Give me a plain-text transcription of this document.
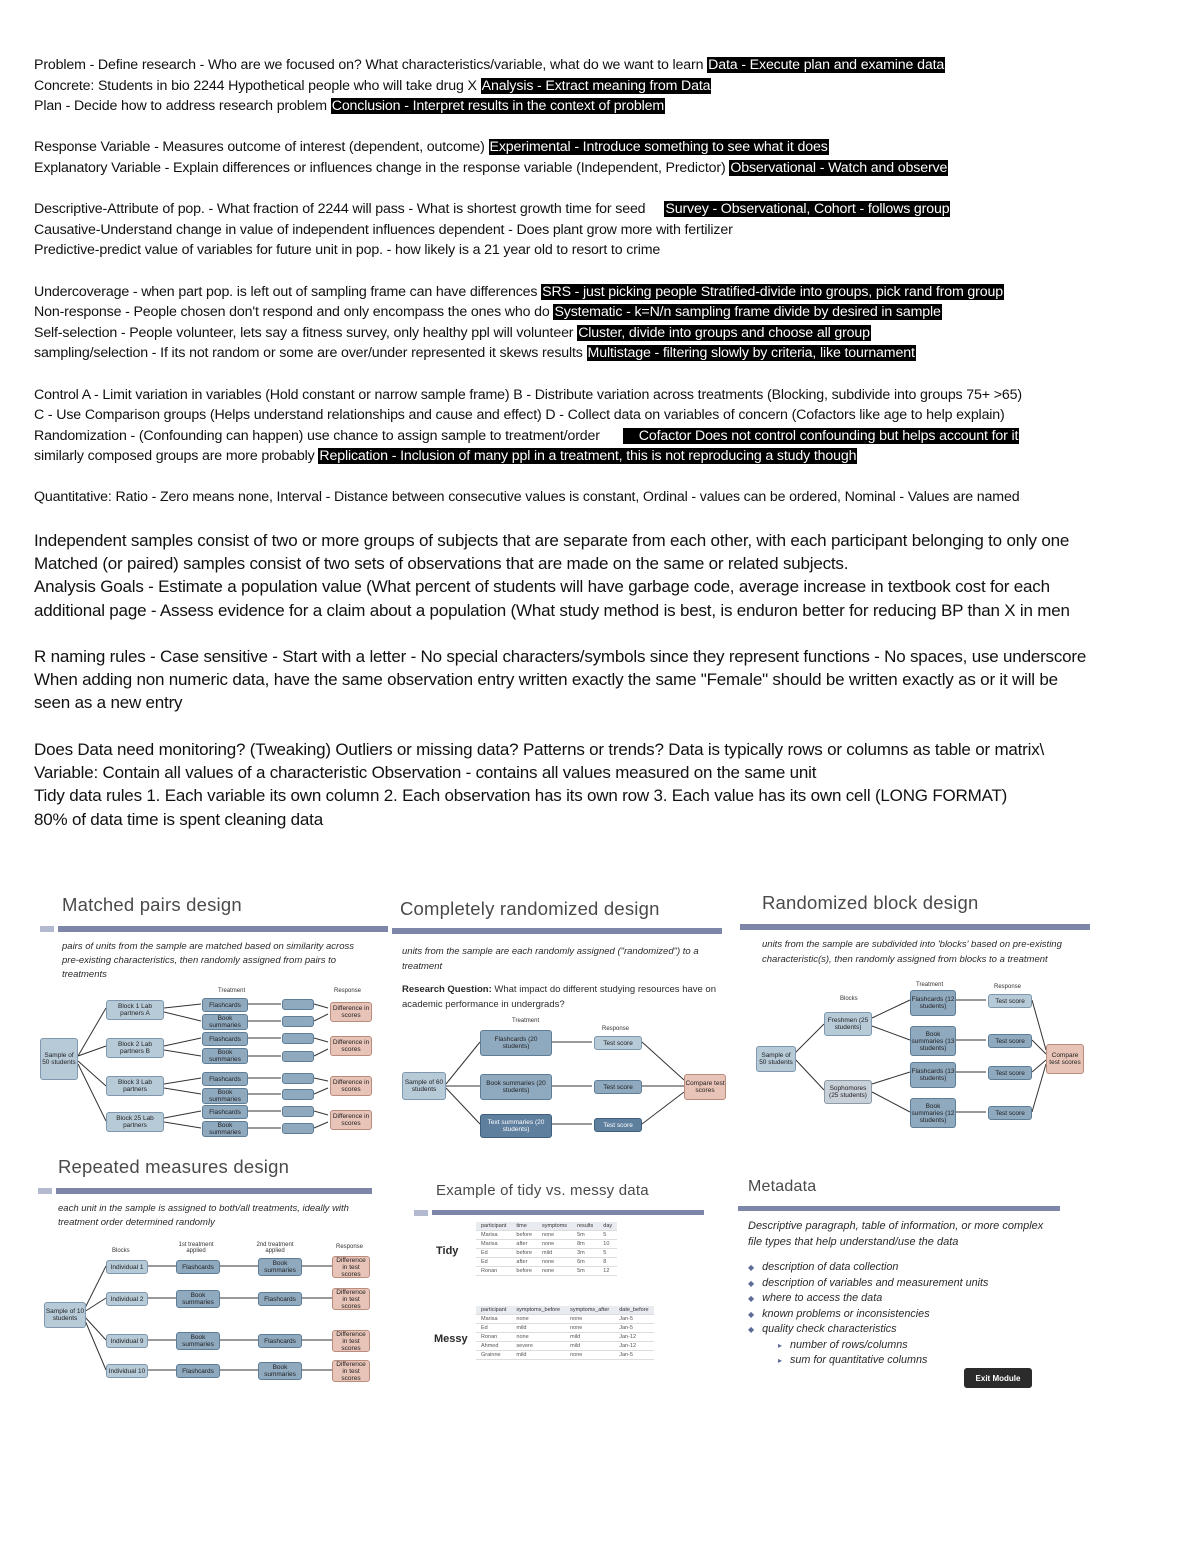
Problem - Define research - Who are we focused on? What characteristics/variable, what do we want to learn Data - Execute plan and examine data
Concrete: Students in bio 2244 Hypothetical people who will take drug X Analysis - Extract meaning from Data
Plan - Decide how to address research problem Conclusion - Interpret results in the context of problem
Response Variable - Measures outcome of interest (dependent, outcome) Experimental - Introduce something to see what it does
Explanatory Variable - Explain differences or influences change in the response variable (Independent, Predictor) Observational - Watch and observe
Descriptive-Attribute of pop. - What fraction of 2244 will pass - What is shortest growth time for seed Survey - Observational, Cohort - follows group
Causative-Understand change in value of independent influences dependent - Does plant grow more with fertilizer
Predictive-predict value of variables for future unit in pop. - how likely is a 21 year old to resort to crime
Undercoverage - when part pop. is left out of sampling frame can have differences SRS - just picking people Stratified-divide into groups, pick rand from group
Non-response - People chosen don't respond and only encompass the ones who do Systematic - k=N/n sampling frame divide by desired in sample
Self-selection - People volunteer, lets say a fitness survey, only healthy ppl will volunteer Cluster, divide into groups and choose all group
sampling/selection - If its not random or some are over/under represented it skews results Multistage - filtering slowly by criteria, like tournament
Control A - Limit variation in variables (Hold constant or narrow sample frame) B - Distribute variation across treatments (Blocking, subdivide into groups 75+ >65)
C - Use Comparison groups (Helps understand relationships and cause and effect) D - Collect data on variables of concern (Cofactors like age to help explain)
Randomization - (Confounding can happen) use chance to assign sample to treatment/order	Cofactor Does not control confounding but helps account for it
similarly composed groups are more probably Replication - Inclusion of many ppl in a treatment, this is not reproducing a study though
Quantitative: Ratio - Zero means none, Interval - Distance between consecutive values is constant, Ordinal - values can be ordered, Nominal - Values are named
Independent samples consist of two or more groups of subjects that are separate from each other, with each participant belonging to only one
Matched (or paired) samples consist of two sets of observations that are made on the same or related subjects.
Analysis Goals - Estimate a population value (What percent of students will have garbage code, average increase in textbook cost for each
additional page - Assess evidence for a claim about a population (What study method is best, is enduron better for reducing BP than X in men
R naming rules - Case sensitive - Start with a letter - No special characters/symbols since they represent functions - No spaces, use underscore
When adding non numeric data, have the same observation entry written exactly the same "Female" should be written exactly as or it will be
seen as a new entry
Does Data need monitoring? (Tweaking) Outliers or missing data? Patterns or trends? Data is typically rows or columns as table or matrix\
Variable: Contain all values of a characteristic Observation - contains all values measured on the same unit
Tidy data rules 1. Each variable its own column 2. Each observation has its own row 3. Each value has its own cell (LONG FORMAT)
80% of data time is spent cleaning data
Matched pairs design
pairs of units from the sample are matched based on similarity across pre-existing characteristics, then randomly assigned from pairs to treatments
Treatment	Response
Sample of 50 students
Block 1 Lab partners A
Block 2 Lab partners B
Block 3 Lab partners
Block 25 Lab partners
Flashcards
Book summaries
Flashcards
Book summaries
Flashcards
Book summaries
Flashcards
Book summaries
Difference in scores
Difference in scores
Difference in scores
Difference in scores
Completely randomized design
units from the sample are each randomly assigned ("randomized") to a treatment
Research Question: What impact do different studying resources have on academic performance in undergrads?
Treatment
Response
Sample of 60 students
Flashcards (20 students)
Book summaries (20 students)
Text summaries (20 students)
Test score
Test score
Test score
Compare test scores
Randomized block design
units from the sample are subdivided into 'blocks' based on pre-existing characteristic(s), then randomly assigned from blocks to a treatment
Blocks
Treatment	Response
Sample of 50 students
Freshmen (25 students)
Sophomores (25 students)
Flashcards (12 students)
Book summaries (13 students)
Flashcards (13 students)
Book summaries (12 students)
Test score
Test score
Test score
Test score
Compare test scores
Repeated measures design
each unit in the sample is assigned to both/all treatments, ideally with treatment order determined randomly
Blocks
1st treatment applied
2nd treatment applied
Response
Sample of 10 students
Individual 1
Individual 2
Individual 9
Individual 10
Flashcards
Book summaries
Book summaries
Flashcards
Book summaries
Flashcards
Flashcards
Book summaries
Difference in test scores
Difference in test scores
Difference in test scores
Difference in test scores
Example of tidy vs. messy data
Tidy
Messy
participant	time	symptoms	results	day
Marisa	before	none	5m	5
Marisa	after	none	8m	10
Ed	before	mild	3m	5
Ed	after	none	6m	8
Ronan	before	none	5m	12
participant	symptoms_before	symptoms_after	date_before
Marisa	none	none	Jan-5
Ed	mild	none	Jan-5
Ronan	none	mild	Jan-12
Ahmed	severe	mild	Jan-12
Grainne	mild	none	Jan-5
Metadata
Descriptive paragraph, table of information, or more complex file types that help understand/use the data
◆ description of data collection
◆ description of variables and measurement units
◆ where to access the data
◆ known problems or inconsistencies
◆ quality check characteristics
▸ number of rows/columns
▸ sum for quantitative columns
Exit Module
